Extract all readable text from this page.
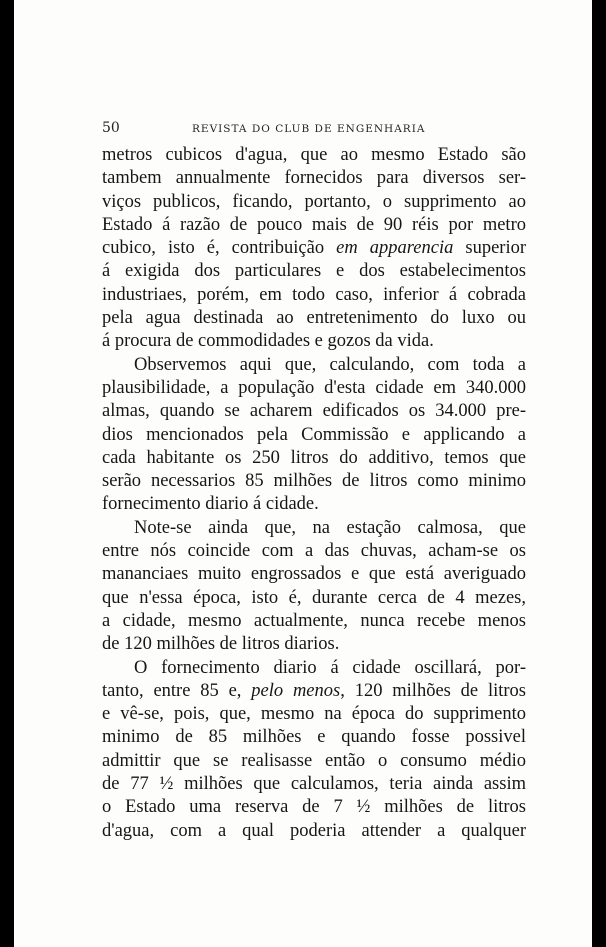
50	REVISTA DO CLUB DE ENGENHARIA
metros cubicos d'agua, que ao mesmo Estado são
tambem annualmente fornecidos para diversos ser-
viços publicos, ficando, portanto, o supprimento ao
Estado á razão de pouco mais de 90 réis por metro
cubico, isto é, contribuição em apparencia superior
á exigida dos particulares e dos estabelecimentos
industriaes, porém, em todo caso, inferior á cobrada
pela agua destinada ao entretenimento do luxo ou
á procura de commodidades e gozos da vida.
Observemos aqui que, calculando, com toda a
plausibilidade, a população d'esta cidade em 340.000
almas, quando se acharem edificados os 34.000 pre-
dios mencionados pela Commissão e applicando a
cada habitante os 250 litros do additivo, temos que
serão necessarios 85 milhões de litros como minimo
fornecimento diario á cidade.
Note-se ainda que, na estação calmosa, que
entre nós coincide com a das chuvas, acham-se os
mananciaes muito engrossados e que está averiguado
que n'essa época, isto é, durante cerca de 4 mezes,
a cidade, mesmo actualmente, nunca recebe menos
de 120 milhões de litros diarios.
O fornecimento diario á cidade oscillará, por-
tanto, entre 85 e, pelo menos, 120 milhões de litros
e vê-se, pois, que, mesmo na época do supprimento
minimo de 85 milhões e quando fosse possivel
admittir que se realisasse então o consumo médio
de 77 ½ milhões que calculamos, teria ainda assim
o Estado uma reserva de 7 ½ milhões de litros
d'agua, com a qual poderia attender a qualquer
